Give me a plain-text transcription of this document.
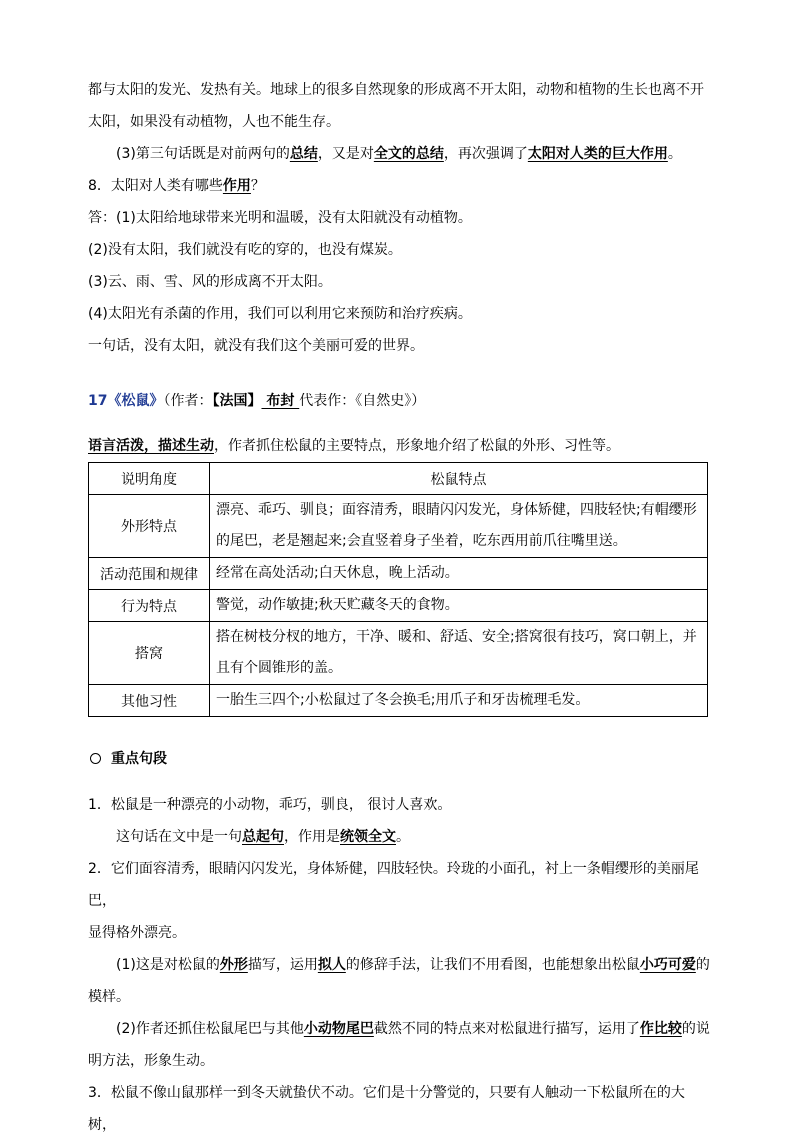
都与太阳的发光、发热有关。地球上的很多自然现象的形成离不开太阳，动物和植物的生长也离不开

太阳，如果没有动植物，人也不能生存。

(3)第三句话既是对前两句的总结，又是对全文的总结，再次强调了太阳对人类的巨大作用。

8．太阳对人类有哪些作用？

答：(1)太阳给地球带来光明和温暖，没有太阳就没有动植物。

(2)没有太阳，我们就没有吃的穿的，也没有煤炭。

(3)云、雨、雪、风的形成离不开太阳。

(4)太阳光有杀菌的作用，我们可以利用它来预防和治疗疾病。

一句话，没有太阳，就没有我们这个美丽可爱的世界。

17《松鼠》（作者：【法国】 布封 代表作：《自然史》）

语言活泼，描述生动，作者抓住松鼠的主要特点，形象地介绍了松鼠的外形、习性等。

说明角度	松鼠特点
外形特点	漂亮、乖巧、驯良；面容清秀，眼睛闪闪发光，身体矫健，四肢轻快;有帽缨形的尾巴，老是翘起来;会直竖着身子坐着，吃东西用前爪往嘴里送。
活动范围和规律	经常在高处活动;白天休息，晚上活动。
行为特点	警觉，动作敏捷;秋天贮藏冬天的食物。
搭窝	搭在树枝分杈的地方，干净、暖和、舒适、安全;搭窝很有技巧，窝口朝上，并且有个圆锥形的盖。
其他习性	一胎生三四个;小松鼠过了冬会换毛;用爪子和牙齿梳理毛发。

重点句段

1．松鼠是一种漂亮的小动物，乖巧，驯良， 很讨人喜欢。

这句话在文中是一句总起句，作用是统领全文。

2．它们面容清秀，眼睛闪闪发光，身体矫健，四肢轻快。玲珑的小面孔，衬上一条帽缨形的美丽尾巴，

显得格外漂亮。

(1)这是对松鼠的外形描写，运用拟人的修辞手法，让我们不用看图，也能想象出松鼠小巧可爱的

模样。

(2)作者还抓住松鼠尾巴与其他小动物尾巴截然不同的特点来对松鼠进行描写，运用了作比较的说

明方法，形象生动。

3．松鼠不像山鼠那样一到冬天就蛰伏不动。它们是十分警觉的，只要有人触动一下松鼠所在的大树，
